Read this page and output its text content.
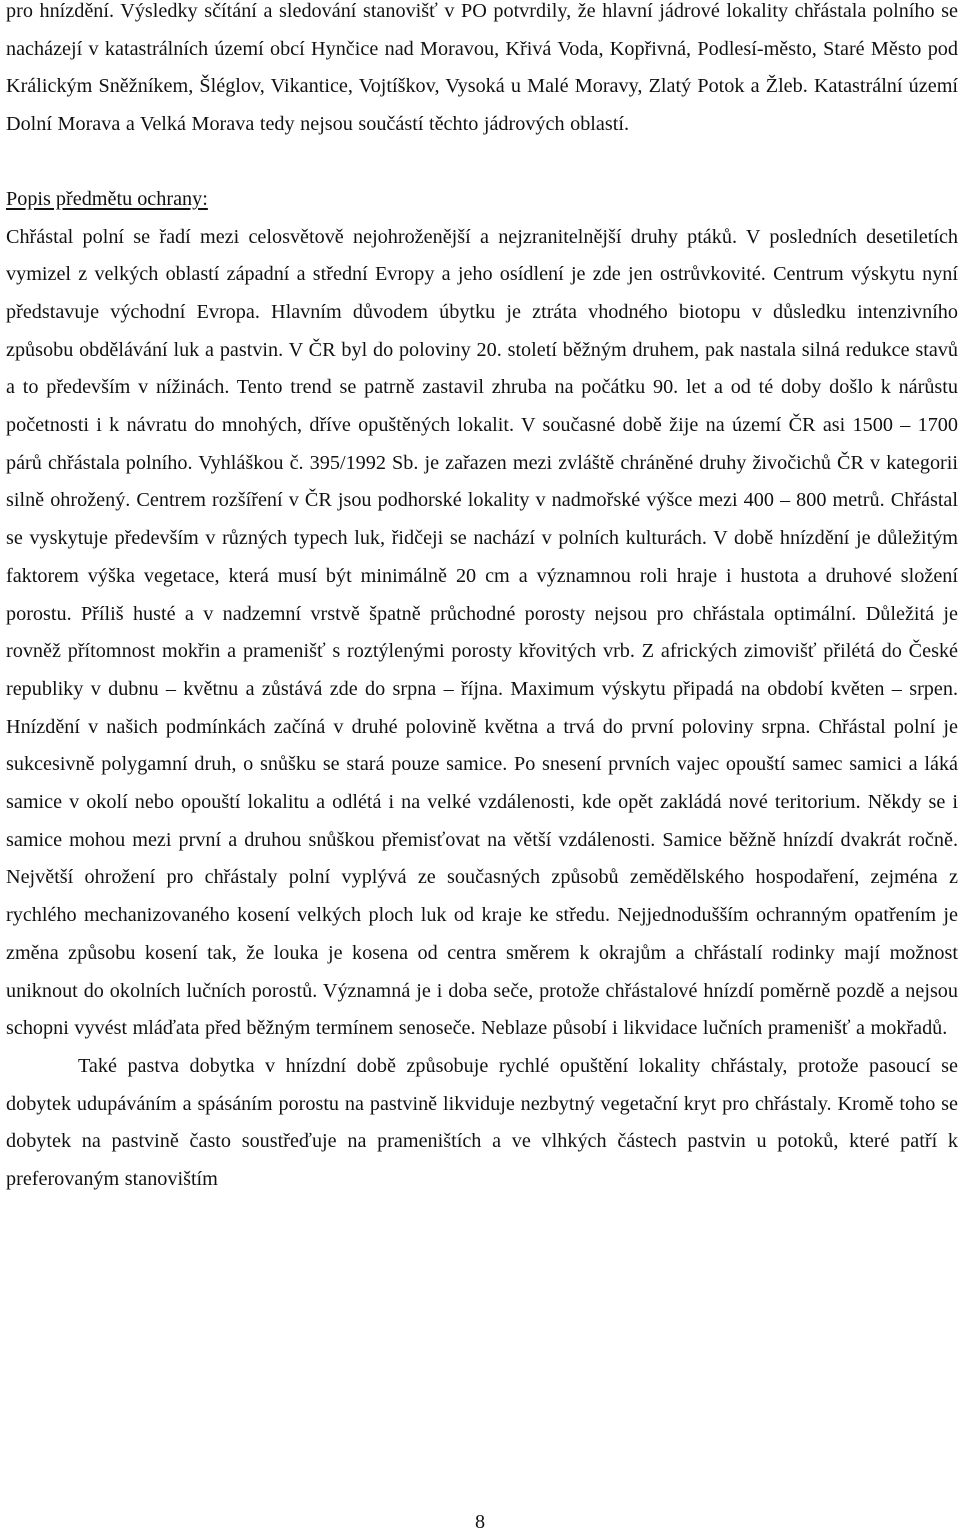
pro hnízdění. Výsledky sčítání a sledování stanovišť v PO potvrdily, že hlavní jádrové lokality chřástala polního se nacházejí v katastrálních území obcí Hynčice nad Moravou, Křivá Voda, Kopřivná, Podlesí-město, Staré Město pod Králickým Sněžníkem, Šléglov, Vikantice, Vojtíškov, Vysoká u Malé Moravy, Zlatý Potok a Žleb. Katastrální území Dolní Morava a Velká Morava tedy nejsou součástí těchto jádrových oblastí.

Popis předmětu ochrany:

Chřástal polní se řadí mezi celosvětově nejohroženější a nejzranitelnější druhy ptáků. V posledních desetiletích vymizel z velkých oblastí západní a střední Evropy a jeho osídlení je zde jen ostrůvkovité. Centrum výskytu nyní představuje východní Evropa. Hlavním důvodem úbytku je ztráta vhodného biotopu v důsledku intenzivního způsobu obdělávání luk a pastvin. V ČR byl do poloviny 20. století běžným druhem, pak nastala silná redukce stavů a to především v nížinách. Tento trend se patrně zastavil zhruba na počátku 90. let a od té doby došlo k nárůstu početnosti i k návratu do mnohých, dříve opuštěných lokalit. V současné době žije na území ČR asi 1500 – 1700 párů chřástala polního. Vyhláškou č. 395/1992 Sb. je zařazen mezi zvláště chráněné druhy živočichů ČR v kategorii silně ohrožený. Centrem rozšíření v ČR jsou podhorské lokality v nadmořské výšce mezi 400 – 800 metrů. Chřástal se vyskytuje především v různých typech luk, řidčeji se nachází v polních kulturách. V době hnízdění je důležitým faktorem výška vegetace, která musí být minimálně 20 cm a významnou roli hraje i hustota a druhové složení porostu. Příliš husté a v nadzemní vrstvě špatně průchodné porosty nejsou pro chřástala optimální. Důležitá je rovněž přítomnost mokřin a pramenišť s roztýlenými porosty křovitých vrb. Z afrických zimovišť přilétá do České republiky v dubnu – květnu a zůstává zde do srpna – října. Maximum výskytu připadá na období květen – srpen. Hnízdění v našich podmínkách začíná v druhé polovině května a trvá do první poloviny srpna. Chřástal polní je sukcesivně polygamní druh, o snůšku se stará pouze samice. Po snesení prvních vajec opouští samec samici a láká samice v okolí nebo opouští lokalitu a odlétá i na velké vzdálenosti, kde opět zakládá nové teritorium. Někdy se i samice mohou mezi první a druhou snůškou přemisťovat na větší vzdálenosti. Samice běžně hnízdí dvakrát ročně. Největší ohrožení pro chřástaly polní vyplývá ze současných způsobů zemědělského hospodaření, zejména z rychlého mechanizovaného kosení velkých ploch luk od kraje ke středu. Nejjednodušším ochranným opatřením je změna způsobu kosení tak, že louka je kosena od centra směrem k okrajům a chřástalí rodinky mají možnost uniknout do okolních lučních porostů. Významná je i doba seče, protože chřástalové hnízdí poměrně pozdě a nejsou schopni vyvést mláďata před běžným termínem senoseče. Neblaze působí i likvidace lučních pramenišť a mokřadů.

Také pastva dobytka v hnízdní době způsobuje rychlé opuštění lokality chřástaly, protože pasoucí se dobytek udupáváním a spásáním porostu na pastvině likviduje nezbytný vegetační kryt pro chřástaly. Kromě toho se dobytek na pastvině často soustřeďuje na prameništích a ve vlhkých částech pastvin u potoků, které patří k preferovaným stanovištím

8
